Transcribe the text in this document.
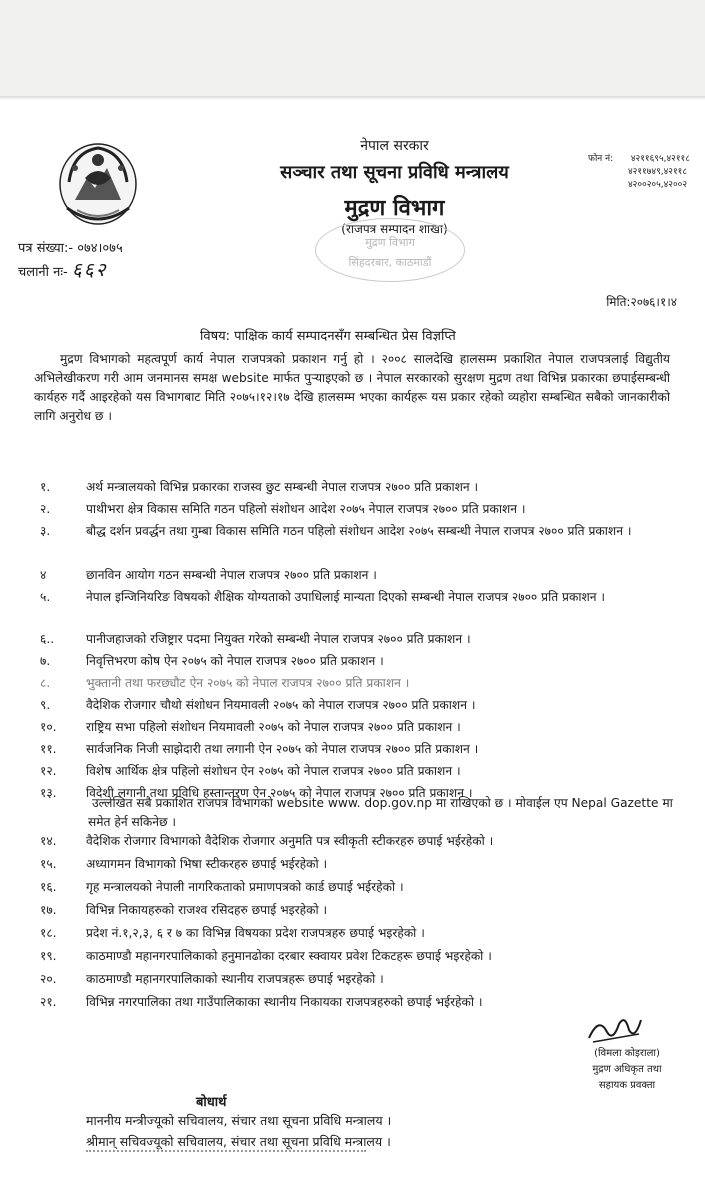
नेपाल सरकार
सञ्चार तथा सूचना प्रविधि मन्त्रालय
मुद्रण विभाग
(राजपत्र सम्पादन शाखा)
फोन नं: ४२११६९५,४२११८
४२११७४९,४२११८
४२००२०५,४२००२
मुद्रण विभाग
सिंहदरबार, काठमाडौं
पत्र संख्या:- ०७४।०७५
चलानी नः- ६६२
मिति:२०७६।१।४
विषय: पाक्षिक कार्य सम्पादनसँग सम्बन्धित प्रेस विज्ञप्ति

मुद्रण विभागको महत्वपूर्ण कार्य नेपाल राजपत्रको प्रकाशन गर्नु हो । २००८ सालदेखि हालसम्म प्रकाशित नेपाल राजपत्रलाई विद्युतीय अभिलेखीकरण गरी आम जनमानस समक्ष website मार्फत पुऱ्याइएको छ । नेपाल सरकारको सुरक्षण मुद्रण तथा विभिन्न प्रकारका छपाईसम्बन्धी कार्यहरु गर्दै आइरहेको यस विभागबाट मिति २०७५।१२।१७ देखि हालसम्म भएका कार्यहरू यस प्रकार रहेको व्यहोरा सम्बन्धित सबैको जानकारीको लागि अनुरोध छ ।

१.	अर्थ मन्त्रालयको विभिन्न प्रकारका राजस्व छुट सम्बन्धी नेपाल राजपत्र २७०० प्रति प्रकाशन ।
२.	पाथीभरा क्षेत्र विकास समिति गठन पहिलो संशोधन आदेश २०७५ नेपाल राजपत्र २७०० प्रति प्रकाशन ।
३.	बौद्ध दर्शन प्रवर्द्धन तथा गुम्बा विकास समिति गठन पहिलो संशोधन आदेश २०७५ सम्बन्धी नेपाल राजपत्र २७०० प्रति प्रकाशन ।
४	छानविन आयोग गठन सम्बन्धी नेपाल राजपत्र २७०० प्रति प्रकाशन ।
५.	नेपाल इन्जिनियरिङ विषयको शैक्षिक योग्यताको उपाधिलाई मान्यता दिएको सम्बन्धी नेपाल राजपत्र २७०० प्रति प्रकाशन ।
६..	पानीजहाजको रजिष्ट्रार पदमा नियुक्त गरेको सम्बन्धी नेपाल राजपत्र २७०० प्रति प्रकाशन ।
७.	निवृत्तिभरण कोष ऐन २०७५ को नेपाल राजपत्र २७०० प्रति प्रकाशन ।
८.	भुक्तानी तथा फरछ्यौट ऐन २०७५ को नेपाल राजपत्र २७०० प्रति प्रकाशन ।
९.	वैदेशिक रोजगार चौथो संशोधन नियमावली २०७५ को नेपाल राजपत्र २७०० प्रति प्रकाशन ।
१०. राष्ट्रिय सभा पहिलो संशोधन नियमावली २०७५ को नेपाल राजपत्र २७०० प्रति प्रकाशन ।
११. सार्वजनिक निजी साझेदारी तथा लगानी ऐन २०७५ को नेपाल राजपत्र २७०० प्रति प्रकाशन ।
१२. विशेष आर्थिक क्षेत्र पहिलो संशोधन ऐन २०७५ को नेपाल राजपत्र २७०० प्रति प्रकाशन ।
१३. विदेशी लगानी तथा प्रविधि हस्तान्तरण ऐन २०७५ को नेपाल राजपत्र २७०० प्रति प्रकाशन ।

उल्लेखित सबै प्रकाशित राजपत्र विभागको website www. dop.gov.np मा राखिएको छ । मोवाईल एप Nepal Gazette मा समेत हेर्न सकिनेछ ।

१४. वैदेशिक रोजगार विभागको वैदेशिक रोजगार अनुमति पत्र स्वीकृती स्टीकरहरु छपाई भईरहेको ।
१५. अध्यागमन विभागको भिषा स्टीकरहरु छपाई भईरहेको ।
१६. गृह मन्त्रालयको नेपाली नागरिकताको प्रमाणपत्रको कार्ड छपाई भईरहेको ।
१७. विभिन्न निकायहरुको राजश्व रसिदहरु छपाई भइरहेको ।
१८. प्रदेश नं.१,२,३, ६ र ७ का विभिन्न विषयका प्रदेश राजपत्रहरु छपाई भइरहेको ।
१९. काठमाण्डौ महानगरपालिकाको हनुमानढोका दरबार स्क्वायर प्रवेश टिकटहरू छपाई भइरहेको ।
२०. काठमाण्डौ महानगरपालिकाको स्थानीय राजपत्रहरू छपाई भइरहेको ।
२१. विभिन्न नगरपालिका तथा गाउँपालिकाका स्थानीय निकायका राजपत्रहरुको छपाई भईरहेको ।
(विमला कोइराला)
मुद्रण अधिकृत तथा
सहायक प्रवक्ता
बोधार्थ
माननीय मन्त्रीज्यूको सचिवालय, संचार तथा सूचना प्रविधि मन्त्रालय ।
श्रीमान् सचिवज्यूको सचिवालय, संचार तथा सूचना प्रविधि मन्त्रालय ।
